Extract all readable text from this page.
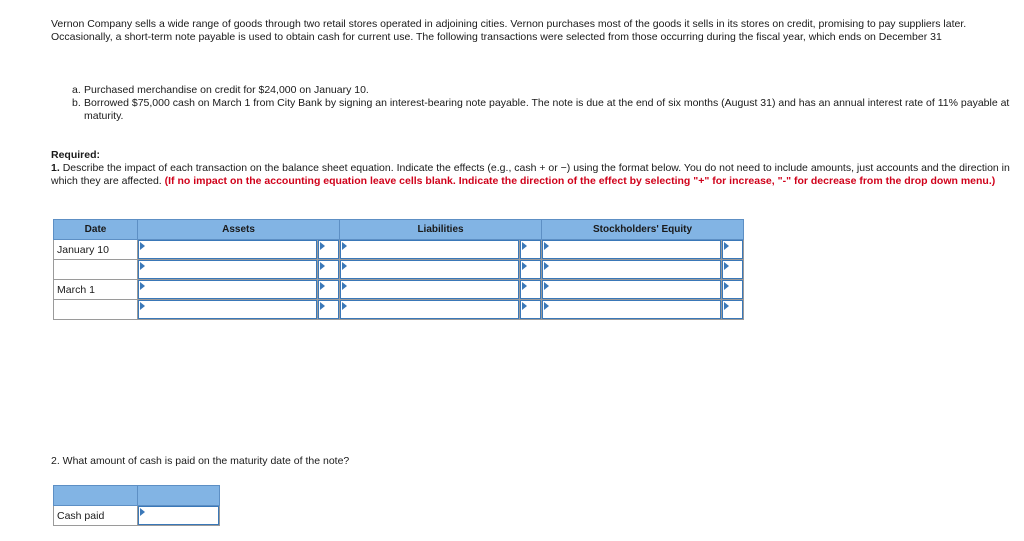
Vernon Company sells a wide range of goods through two retail stores operated in adjoining cities. Vernon purchases most of the goods it sells in its stores on credit, promising to pay suppliers later. Occasionally, a short-term note payable is used to obtain cash for current use. The following transactions were selected from those occurring during the fiscal year, which ends on December 31
a. Purchased merchandise on credit for $24,000 on January 10.
b. Borrowed $75,000 cash on March 1 from City Bank by signing an interest-bearing note payable. The note is due at the end of six months (August 31) and has an annual interest rate of 11% payable at maturity.
Required:
1. Describe the impact of each transaction on the balance sheet equation. Indicate the effects (e.g., cash + or −) using the format below. You do not need to include amounts, just accounts and the direction in which they are affected. (If no impact on the accounting equation leave cells blank. Indicate the direction of the effect by selecting "+" for increase, "-" for decrease from the drop down menu.)
Date	Assets		Liabilities		Stockholders' Equity	
January 10	

March 1	

2. What amount of cash is paid on the maturity date of the note?

Cash paid	
